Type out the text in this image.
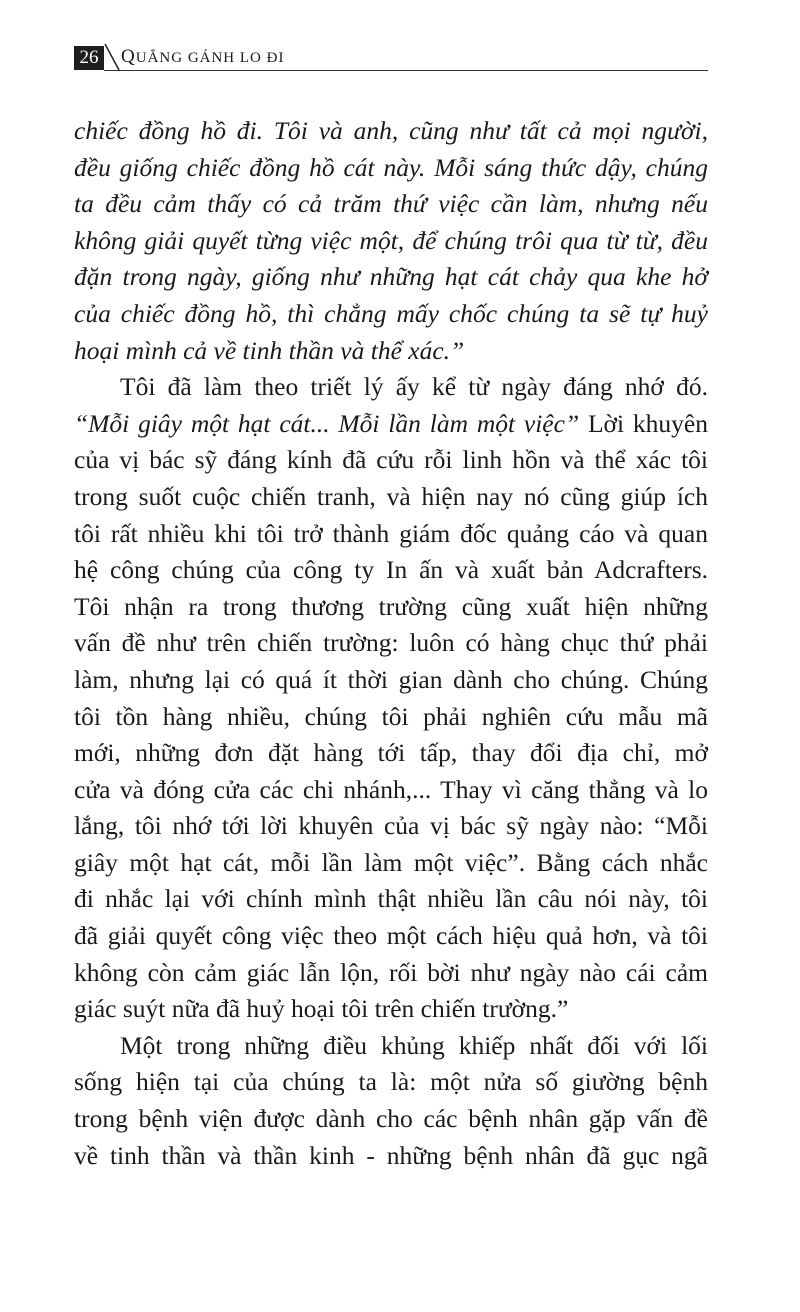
26 QUẲNG GÁNH LO ĐI
chiếc đồng hồ đi. Tôi và anh, cũng như tất cả mọi người,
đều giống chiếc đồng hồ cát này. Mỗi sáng thức dậy, chúng
ta đều cảm thấy có cả trăm thứ việc cần làm, nhưng nếu
không giải quyết từng việc một, để chúng trôi qua từ từ, đều
đặn trong ngày, giống như những hạt cát chảy qua khe hở
của chiếc đồng hồ, thì chẳng mấy chốc chúng ta sẽ tự huỷ
hoại mình cả về tinh thần và thể xác.”
Tôi đã làm theo triết lý ấy kể từ ngày đáng nhớ đó.
“Mỗi giây một hạt cát... Mỗi lần làm một việc” Lời khuyên
của vị bác sỹ đáng kính đã cứu rỗi linh hồn và thể xác tôi
trong suốt cuộc chiến tranh, và hiện nay nó cũng giúp ích
tôi rất nhiều khi tôi trở thành giám đốc quảng cáo và quan
hệ công chúng của công ty In ấn và xuất bản Adcrafters.
Tôi nhận ra trong thương trường cũng xuất hiện những
vấn đề như trên chiến trường: luôn có hàng chục thứ phải
làm, nhưng lại có quá ít thời gian dành cho chúng. Chúng
tôi tồn hàng nhiều, chúng tôi phải nghiên cứu mẫu mã
mới, những đơn đặt hàng tới tấp, thay đổi địa chỉ, mở
cửa và đóng cửa các chi nhánh,... Thay vì căng thẳng và lo
lắng, tôi nhớ tới lời khuyên của vị bác sỹ ngày nào: “Mỗi
giây một hạt cát, mỗi lần làm một việc”. Bằng cách nhắc
đi nhắc lại với chính mình thật nhiều lần câu nói này, tôi
đã giải quyết công việc theo một cách hiệu quả hơn, và tôi
không còn cảm giác lẫn lộn, rối bời như ngày nào cái cảm
giác suýt nữa đã huỷ hoại tôi trên chiến trường.”
Một trong những điều khủng khiếp nhất đối với lối
sống hiện tại của chúng ta là: một nửa số giường bệnh
trong bệnh viện được dành cho các bệnh nhân gặp vấn đề
về tinh thần và thần kinh - những bệnh nhân đã gục ngã
